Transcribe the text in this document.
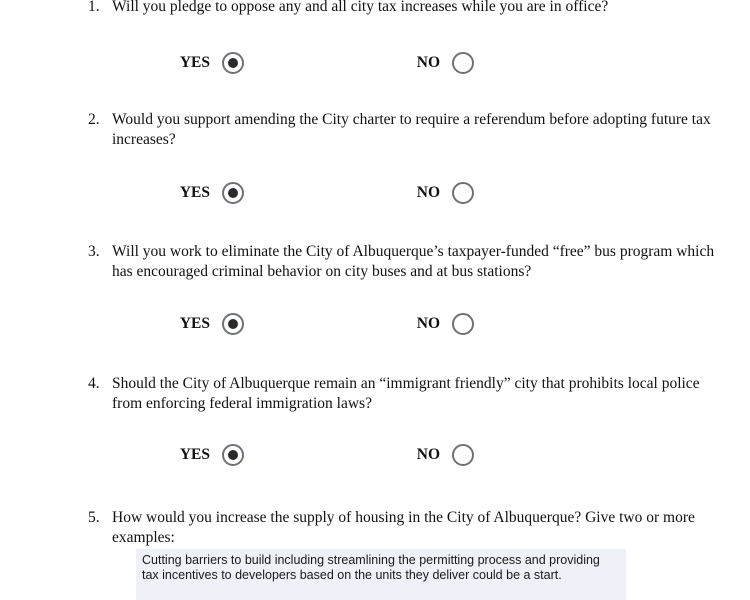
1. Will you pledge to oppose any and all city tax increases while you are in office?
YES	NO
2. Would you support amending the City charter to require a referendum before adopting future tax increases?
YES	NO
3. Will you work to eliminate the City of Albuquerque’s taxpayer-funded “free” bus program which has encouraged criminal behavior on city buses and at bus stations?
YES	NO
4. Should the City of Albuquerque remain an “immigrant friendly” city that prohibits local police from enforcing federal immigration laws?
YES	NO
5. How would you increase the supply of housing in the City of Albuquerque? Give two or more examples:
Cutting barriers to build including streamlining the permitting process and providing tax incentives to developers based on the units they deliver could be a start.
